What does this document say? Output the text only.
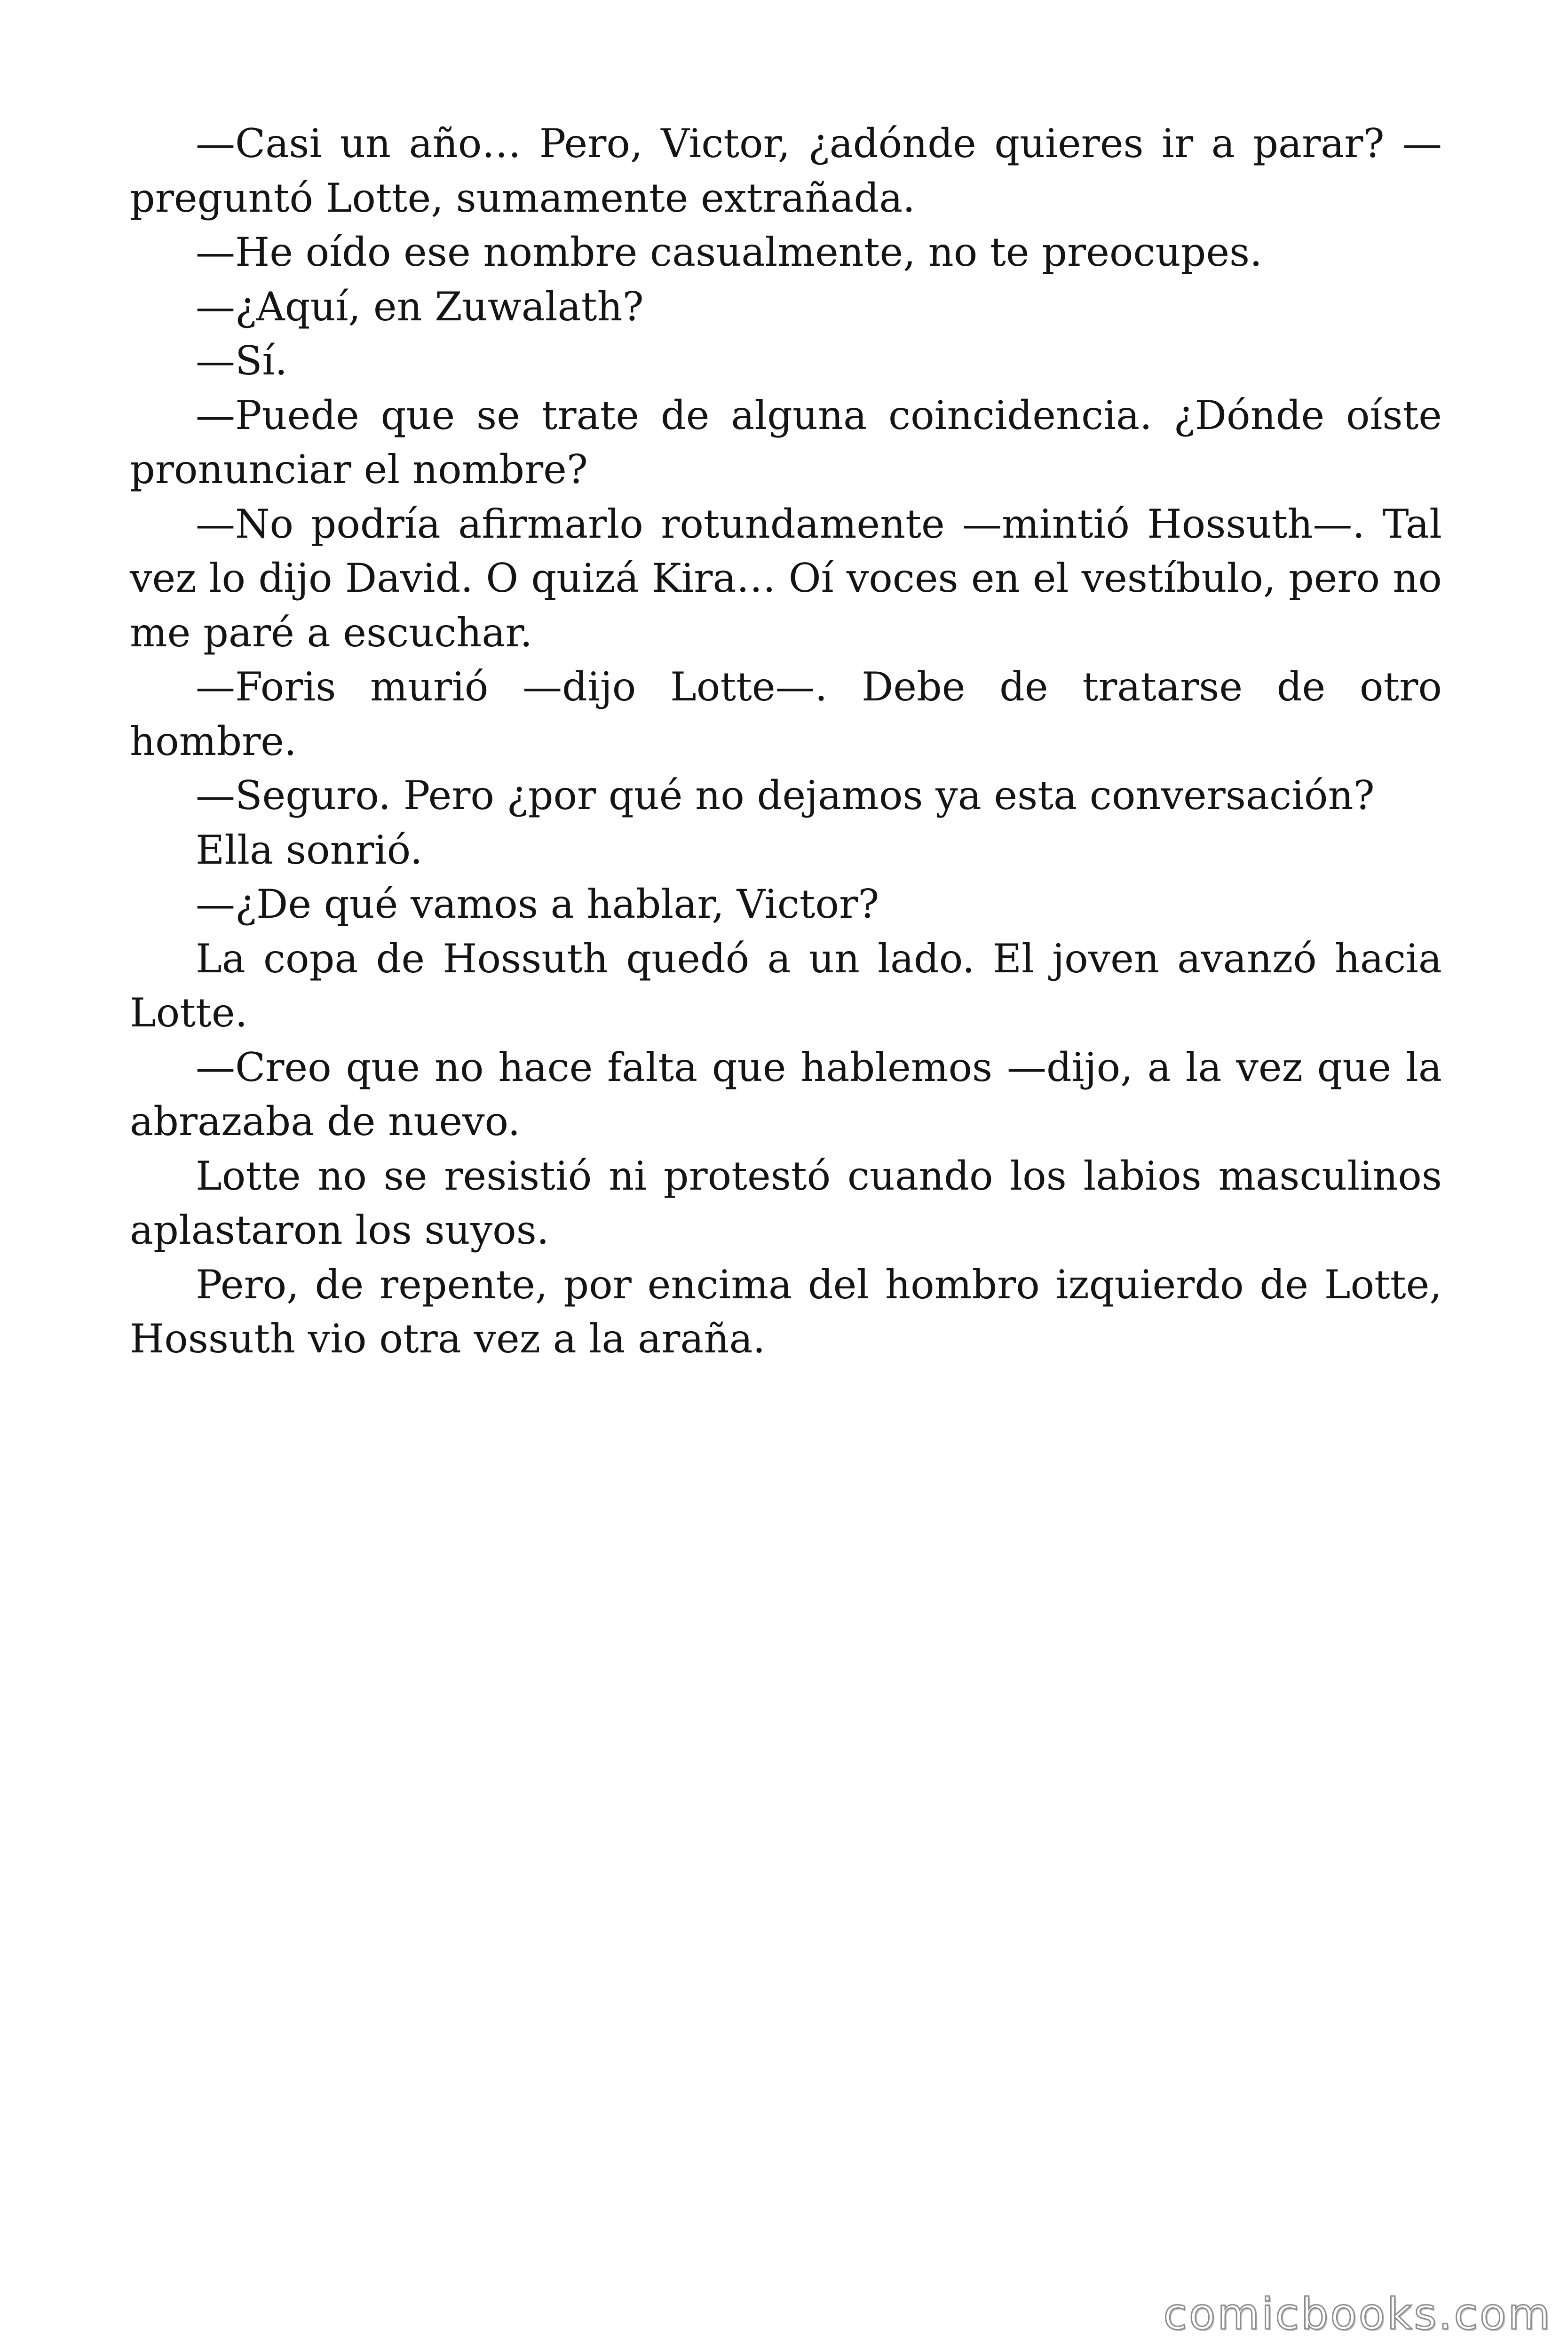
—Casi un año… Pero, Victor, ¿adónde quieres ir a parar? —preguntó Lotte, sumamente extrañada.

—He oído ese nombre casualmente, no te preocupes.

—¿Aquí, en Zuwalath?

—Sí.

—Puede que se trate de alguna coincidencia. ¿Dónde oíste pronunciar el nombre?

—No podría afirmarlo rotundamente —mintió Hossuth—. Tal vez lo dijo David. O quizá Kira… Oí voces en el vestíbulo, pero no me paré a escuchar.

—Foris murió —dijo Lotte—. Debe de tratarse de otro hombre.

—Seguro. Pero ¿por qué no dejamos ya esta conversación?

Ella sonrió.

—¿De qué vamos a hablar, Victor?

La copa de Hossuth quedó a un lado. El joven avanzó hacia Lotte.

—Creo que no hace falta que hablemos —dijo, a la vez que la abrazaba de nuevo.

Lotte no se resistió ni protestó cuando los labios masculinos aplastaron los suyos.

Pero, de repente, por encima del hombro izquierdo de Lotte, Hossuth vio otra vez a la araña.

comicbooks.com
